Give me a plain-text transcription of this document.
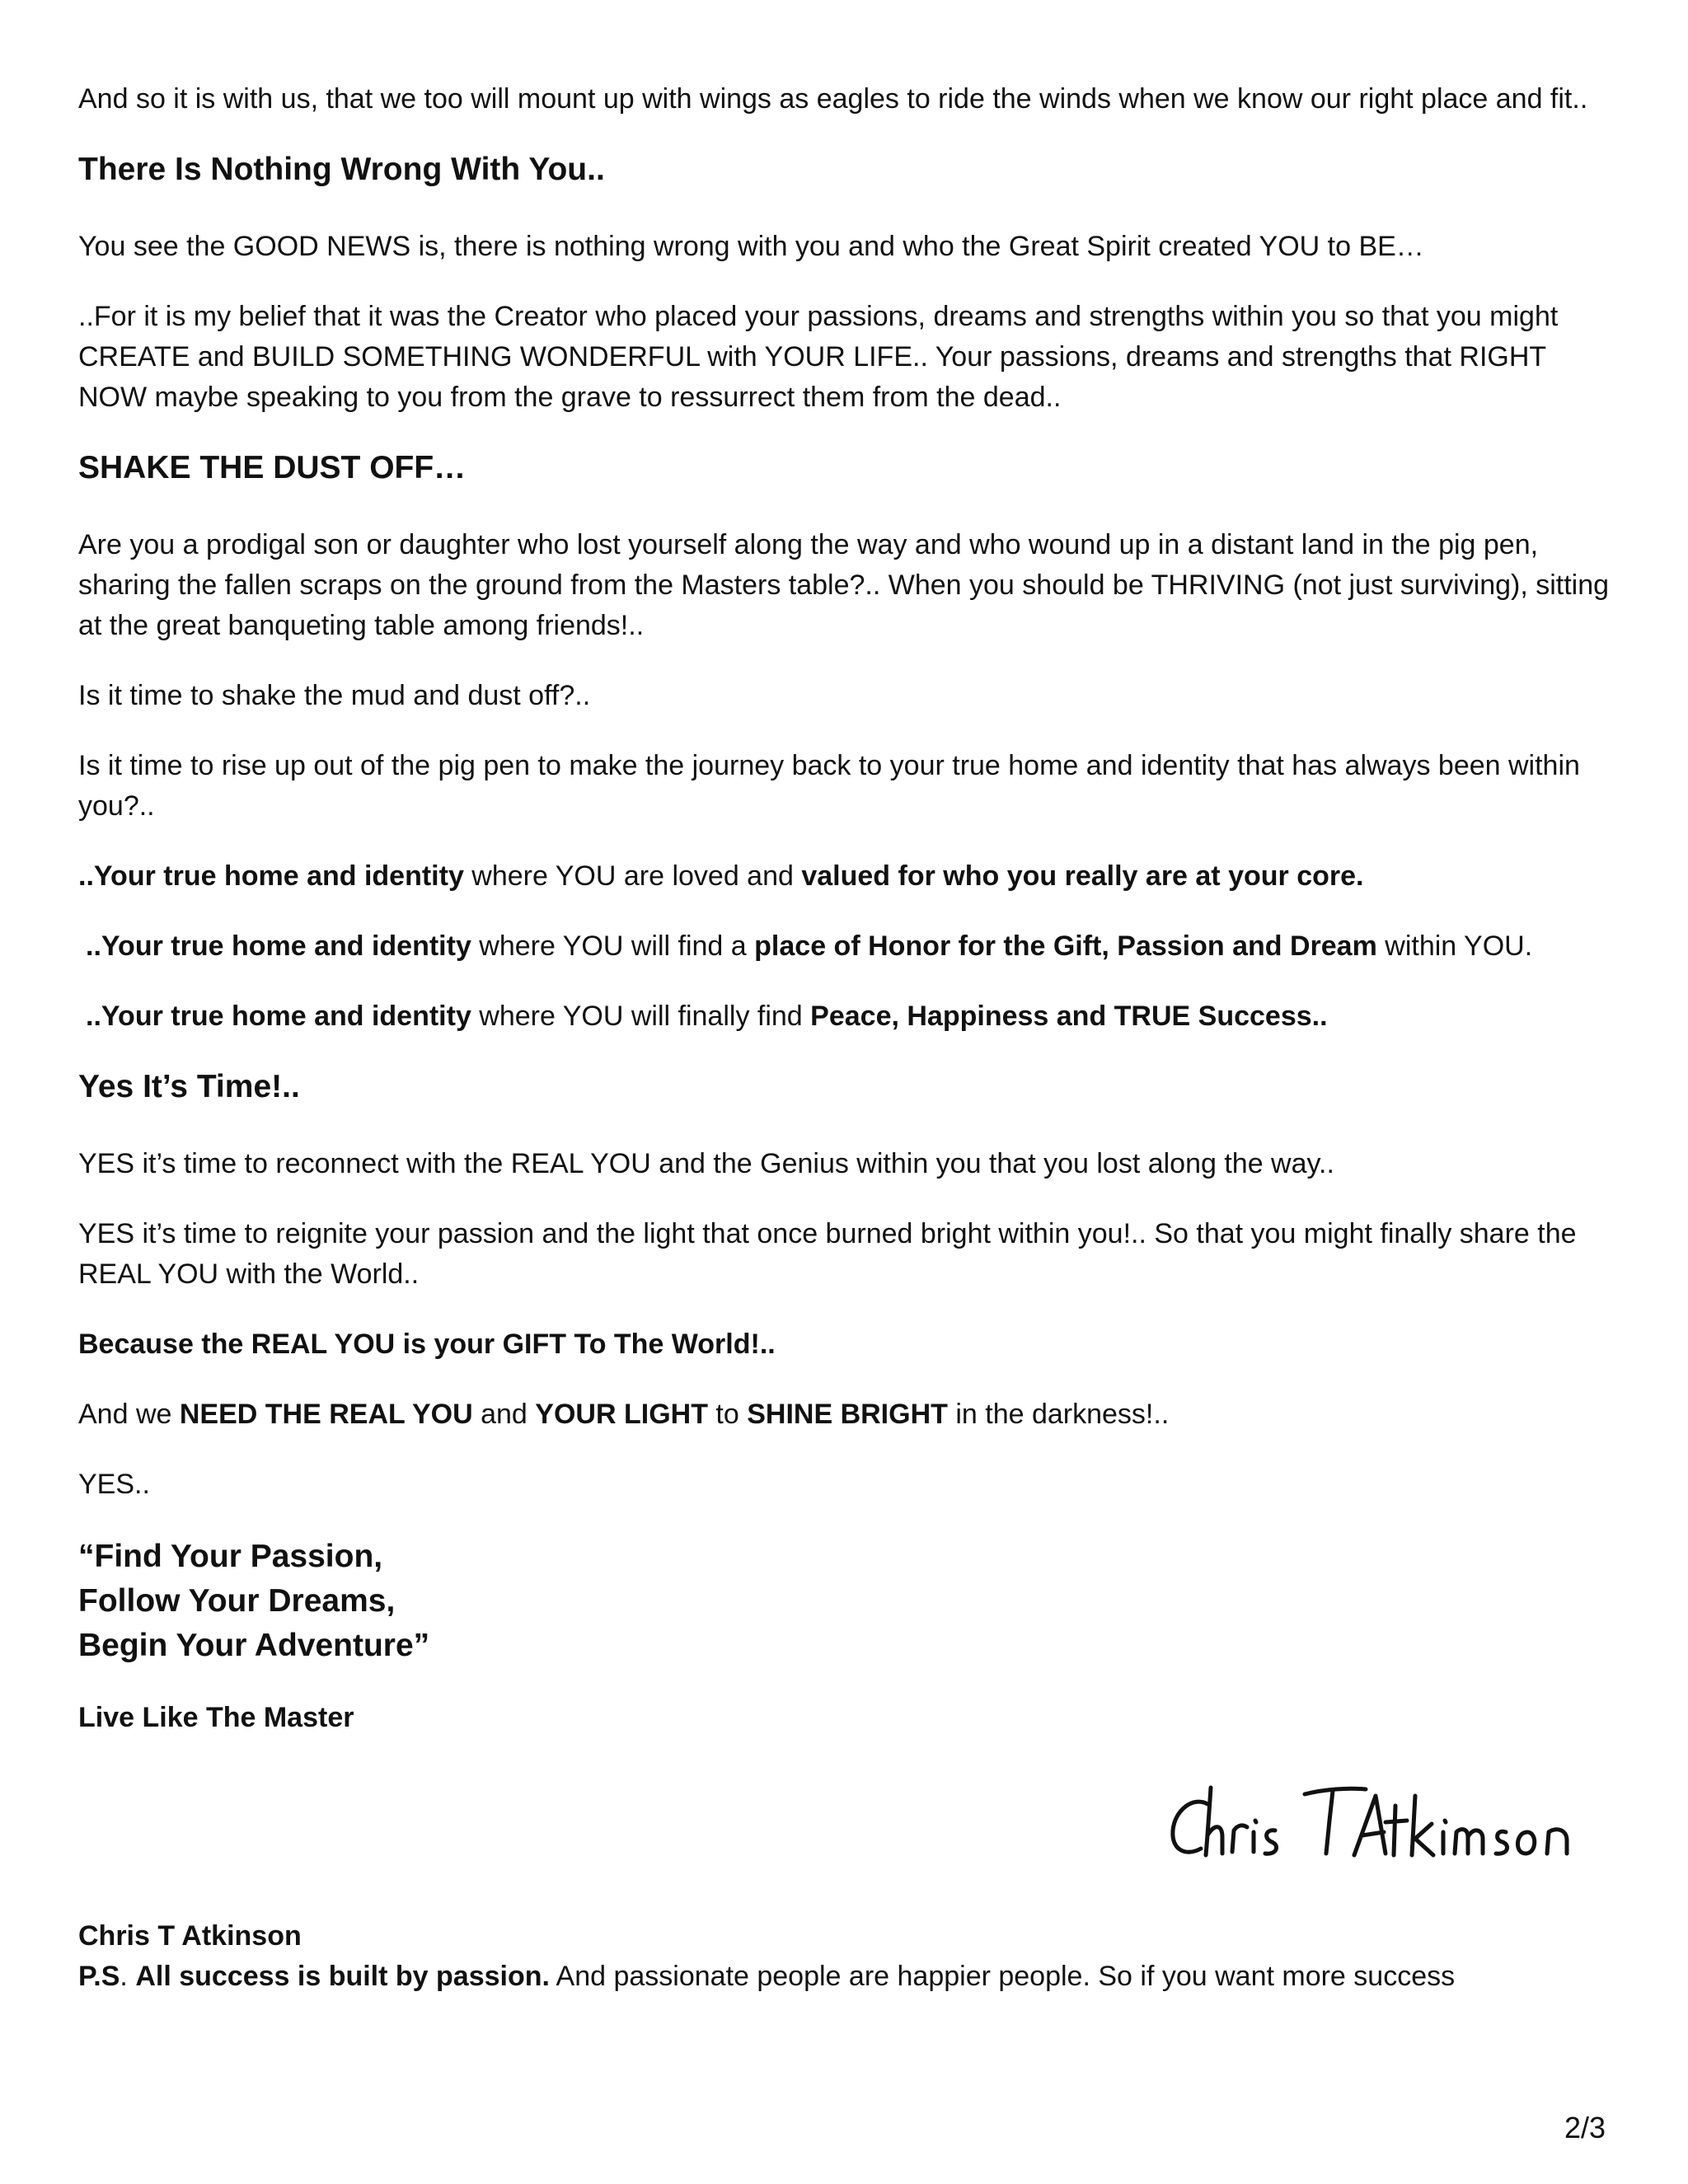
And so it is with us, that we too will mount up with wings as eagles to ride the winds when we know our right place and fit..

There Is Nothing Wrong With You..

You see the GOOD NEWS is, there is nothing wrong with you and who the Great Spirit created YOU to BE…

..For it is my belief that it was the Creator who placed your passions, dreams and strengths within you so that you might CREATE and BUILD SOMETHING WONDERFUL with YOUR LIFE.. Your passions, dreams and strengths that RIGHT NOW maybe speaking to you from the grave to ressurrect them from the dead..

SHAKE THE DUST OFF…

Are you a prodigal son or daughter who lost yourself along the way and who wound up in a distant land in the pig pen, sharing the fallen scraps on the ground from the Masters table?.. When you should be THRIVING (not just surviving), sitting at the great banqueting table among friends!..

Is it time to shake the mud and dust off?..

Is it time to rise up out of the pig pen to make the journey back to your true home and identity that has always been within you?..

..Your true home and identity where YOU are loved and valued for who you really are at your core.

..Your true home and identity where YOU will find a place of Honor for the Gift, Passion and Dream within YOU.

..Your true home and identity where YOU will finally find Peace, Happiness and TRUE Success..

Yes It’s Time!..

YES it’s time to reconnect with the REAL YOU and the Genius within you that you lost along the way..

YES it’s time to reignite your passion and the light that once burned bright within you!.. So that you might finally share the REAL YOU with the World..

Because the REAL YOU is your GIFT To The World!..

And we NEED THE REAL YOU and YOUR LIGHT to SHINE BRIGHT in the darkness!..

YES..

“Find Your Passion,
Follow Your Dreams,
Begin Your Adventure”

Live Like The Master

Chris T Atkinson

P.S. All success is built by passion. And passionate people are happier people. So if you want more success

2/3
